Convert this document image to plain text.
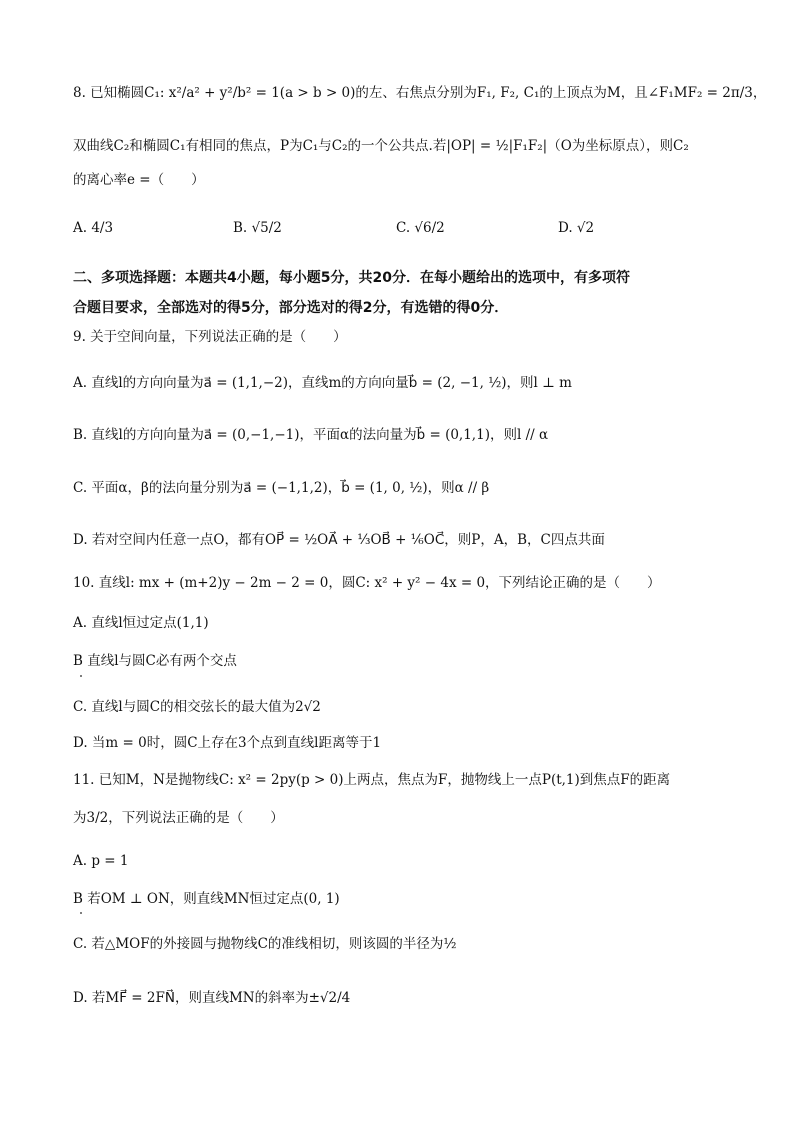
8. 已知椭圆C₁: x²/a² + y²/b² = 1(a > b > 0)的左、右焦点分别为F₁, F₂, C₁的上顶点为M，且∠F₁MF₂ = 2π/3，
双曲线C₂和椭圆C₁有相同的焦点，P为C₁与C₂的一个公共点.若|OP| = ½|F₁F₂|（O为坐标原点），则C₂
的离心率e =（　　）
A. 4/3	B. √5/2	C. √6/2	D. √2
二、多项选择题：本题共4小题，每小题5分，共20分．在每小题给出的选项中，有多项符
合题目要求，全部选对的得5分，部分选对的得2分，有选错的得0分．
9. 关于空间向量，下列说法正确的是（　　）
A. 直线l的方向向量为a⃗ = (1,1,−2)，直线m的方向向量b⃗ = (2, −1, ½)，则l ⊥ m
B. 直线l的方向向量为a⃗ = (0,−1,−1)，平面α的法向量为b⃗ = (0,1,1)，则l // α
C. 平面α，β的法向量分别为a⃗ = (−1,1,2)，b⃗ = (1, 0, ½)，则α // β
D. 若对空间内任意一点O，都有OP⃗ = ½OA⃗ + ⅓OB⃗ + ⅙OC⃗，则P，A，B，C四点共面
10. 直线l: mx + (m+2)y − 2m − 2 = 0，圆C: x² + y² − 4x = 0，下列结论正确的是（　　）
A. 直线l恒过定点(1,1)
B 直线l与圆C必有两个交点
C. 直线l与圆C的相交弦长的最大值为2√2
D. 当m = 0时，圆C上存在3个点到直线l距离等于1
11. 已知M，N是抛物线C: x² = 2py(p > 0)上两点，焦点为F，抛物线上一点P(t,1)到焦点F的距离
为3/2，下列说法正确的是（　　）
A. p = 1
B 若OM ⊥ ON，则直线MN恒过定点(0, 1)
C. 若△MOF的外接圆与抛物线C的准线相切，则该圆的半径为½
D. 若MF⃗ = 2FN⃗，则直线MN的斜率为±√2/4
